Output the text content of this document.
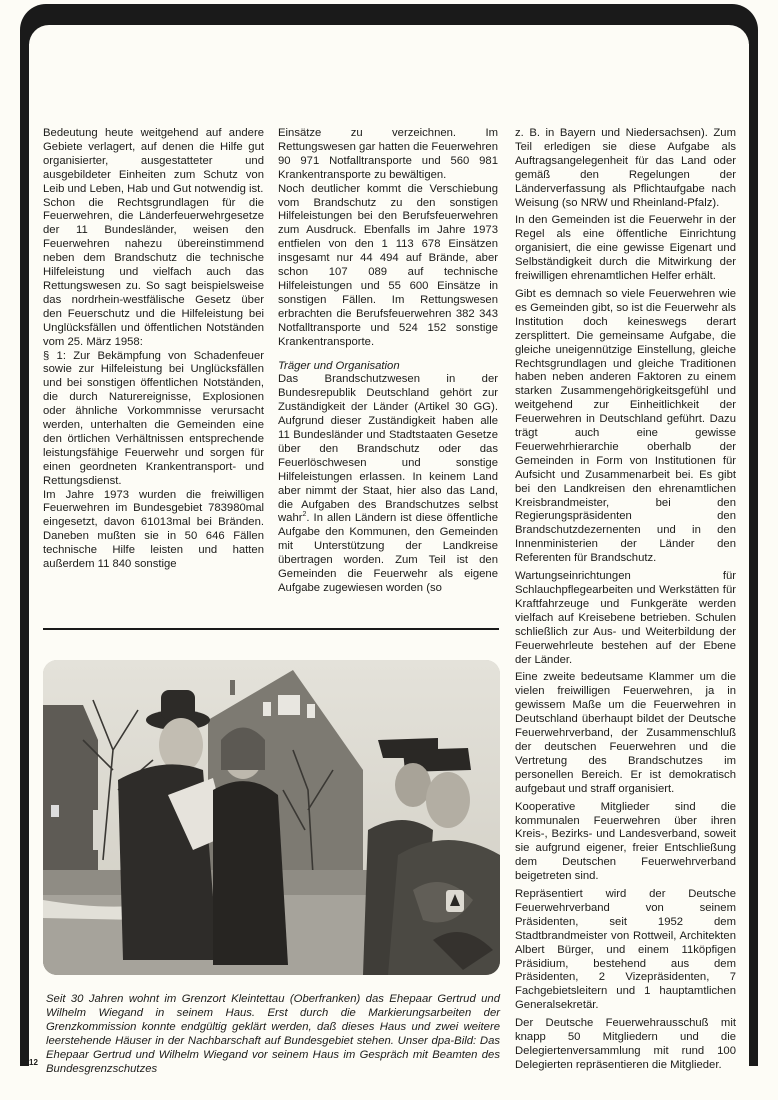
Bedeutung heute weitgehend auf andere Gebiete verlagert, auf denen die Hilfe gut organisierter, ausgestatteter und ausgebildeter Einheiten zum Schutz von Leib und Leben, Hab und Gut notwendig ist.

Schon die Rechtsgrundlagen für die Feuerwehren, die Länderfeuerwehrgesetze der 11 Bundesländer, weisen den Feuerwehren nahezu übereinstimmend neben dem Brandschutz die technische Hilfeleistung und vielfach auch das Rettungswesen zu. So sagt beispielsweise das nordrhein-westfälische Gesetz über den Feuerschutz und die Hilfeleistung bei Unglücksfällen und öffentlichen Notständen vom 25. März 1958:

§ 1: Zur Bekämpfung von Schadenfeuer sowie zur Hilfeleistung bei Unglücksfällen und bei sonstigen öffentlichen Notständen, die durch Naturereignisse, Explosionen oder ähnliche Vorkommnisse verursacht werden, unterhalten die Gemeinden eine den örtlichen Verhältnissen entsprechende leistungsfähige Feuerwehr und sorgen für einen geordneten Krankentransport- und Rettungsdienst.

Im Jahre 1973 wurden die freiwilligen Feuerwehren im Bundesgebiet 783980mal eingesetzt, davon 61013mal bei Bränden. Daneben mußten sie in 50 646 Fällen technische Hilfe leisten und hatten außerdem 11 840 sonstige

Einsätze zu verzeichnen. Im Rettungswesen gar hatten die Feuerwehren 90 971 Notfalltransporte und 560 981 Krankentransporte zu bewältigen.

Noch deutlicher kommt die Verschiebung vom Brandschutz zu den sonstigen Hilfeleistungen bei den Berufsfeuerwehren zum Ausdruck. Ebenfalls im Jahre 1973 entfielen von den 1 113 678 Einsätzen insgesamt nur 44 494 auf Brände, aber schon 107 089 auf technische Hilfeleistungen und 55 600 Einsätze in sonstigen Fällen. Im Rettungswesen erbrachten die Berufsfeuerwehren 382 343 Notfalltransporte und 524 152 sonstige Krankentransporte.

Träger und Organisation

Das Brandschutzwesen in der Bundesrepublik Deutschland gehört zur Zuständigkeit der Länder (Artikel 30 GG). Aufgrund dieser Zuständigkeit haben alle 11 Bundesländer und Stadtstaaten Gesetze über den Brandschutz oder das Feuerlöschwesen und sonstige Hilfeleistungen erlassen. In keinem Land aber nimmt der Staat, hier also das Land, die Aufgaben des Brandschutzes selbst wahr$^2$. In allen Ländern ist diese öffentliche Aufgabe den Kommunen, den Gemeinden mit Unterstützung der Landkreise übertragen worden. Zum Teil ist den Gemeinden die Feuerwehr als eigene Aufgabe zugewiesen worden (so

z. B. in Bayern und Niedersachsen). Zum Teil erledigen sie diese Aufgabe als Auftragsangelegenheit für das Land oder gemäß den Regelungen der Länderverfassung als Pflichtaufgabe nach Weisung (so NRW und Rheinland-Pfalz).

In den Gemeinden ist die Feuerwehr in der Regel als eine öffentliche Einrichtung organisiert, die eine gewisse Eigenart und Selbständigkeit durch die Mitwirkung der freiwilligen ehrenamtlichen Helfer erhält.

Gibt es demnach so viele Feuerwehren wie es Gemeinden gibt, so ist die Feuerwehr als Institution doch keineswegs derart zersplittert. Die gemeinsame Aufgabe, die gleiche uneigennützige Einstellung, gleiche Rechtsgrundlagen und gleiche Traditionen haben neben anderen Faktoren zu einem starken Zusammengehörigkeitsgefühl und weitgehend zur Einheitlichkeit der Feuerwehren in Deutschland geführt. Dazu trägt auch eine gewisse Feuerwehrhierarchie oberhalb der Gemeinden in Form von Institutionen für Aufsicht und Zusammenarbeit bei. Es gibt bei den Landkreisen den ehrenamtlichen Kreisbrandmeister, bei den Regierungspräsidenten den Brandschutzdezernenten und in den Innenministerien der Länder den Referenten für Brandschutz.

Wartungseinrichtungen für Schlauchpflegearbeiten und Werkstätten für Kraftfahrzeuge und Funkgeräte werden vielfach auf Kreisebene betrieben. Schulen schließlich zur Aus- und Weiterbildung der Feuerwehrleute bestehen auf der Ebene der Länder.

Eine zweite bedeutsame Klammer um die vielen freiwilligen Feuerwehren, ja in gewissem Maße um die Feuerwehren in Deutschland überhaupt bildet der Deutsche Feuerwehrverband, der Zusammenschluß der deutschen Feuerwehren und die Vertretung des Brandschutzes im personellen Bereich. Er ist demokratisch aufgebaut und straff organisiert.

Kooperative Mitglieder sind die kommunalen Feuerwehren über ihren Kreis-, Bezirks- und Landesverband, soweit sie aufgrund eigener, freier Entschließung dem Deutschen Feuerwehrverband beigetreten sind.

Repräsentiert wird der Deutsche Feuerwehrverband von seinem Präsidenten, seit 1952 dem Stadtbrandmeister von Rottweil, Architekten Albert Bürger, und einem 11köpfigen Präsidium, bestehend aus dem Präsidenten, 2 Vizepräsidenten, 7 Fachgebietsleitern und 1 hauptamtlichen Generalsekretär.

Der Deutsche Feuerwehrausschuß mit knapp 50 Mitgliedern und die Delegiertenversammlung mit rund 100 Delegierten repräsentieren die Mitglieder.

Seit 30 Jahren wohnt im Grenzort Kleintettau (Oberfranken) das Ehepaar Gertrud und Wilhelm Wiegand in seinem Haus. Erst durch die Markierungsarbeiten der Grenzkommission konnte endgültig geklärt werden, daß dieses Haus und zwei weitere leerstehende Häuser in der Nachbarschaft auf Bundesgebiet stehen. Unser dpa-Bild: Das Ehepaar Gertrud und Wilhelm Wiegand vor seinem Haus im Gespräch mit Beamten des Bundesgrenzschutzes

12
